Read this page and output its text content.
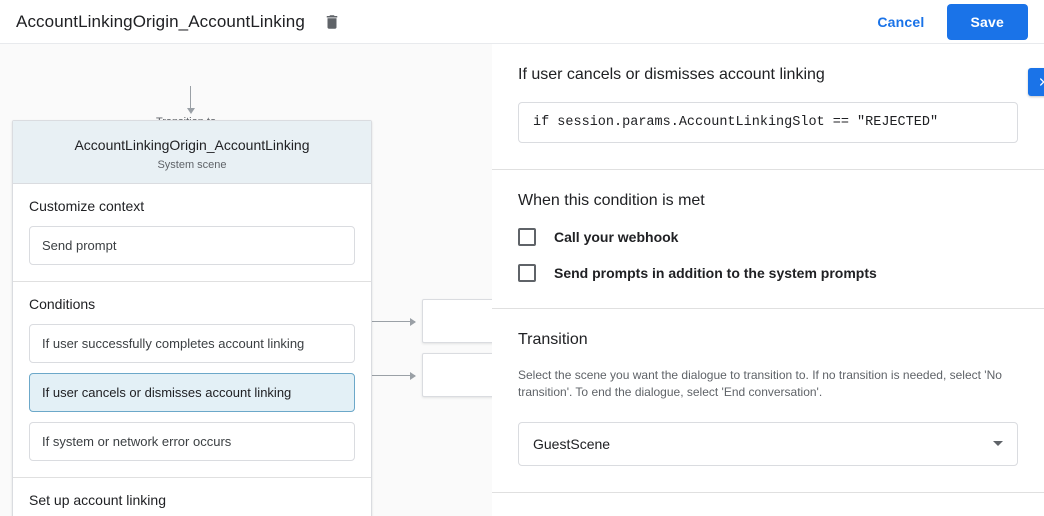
AccountLinkingOrigin_AccountLinking	Cancel	Save
AccountLinkingOrigin_AccountLinking
System scene
Customize context
Send prompt
Conditions
If user successfully completes account linking
If user cancels or dismisses account linking
If system or network error occurs
Set up account linking
If user cancels or dismisses account linking
if session.params.AccountLinkingSlot == "REJECTED"
When this condition is met
Call your webhook
Send prompts in addition to the system prompts
Transition
Select the scene you want the dialogue to transition to. If no transition is needed, select 'No transition'. To end the dialogue, select 'End conversation'.
GuestScene
